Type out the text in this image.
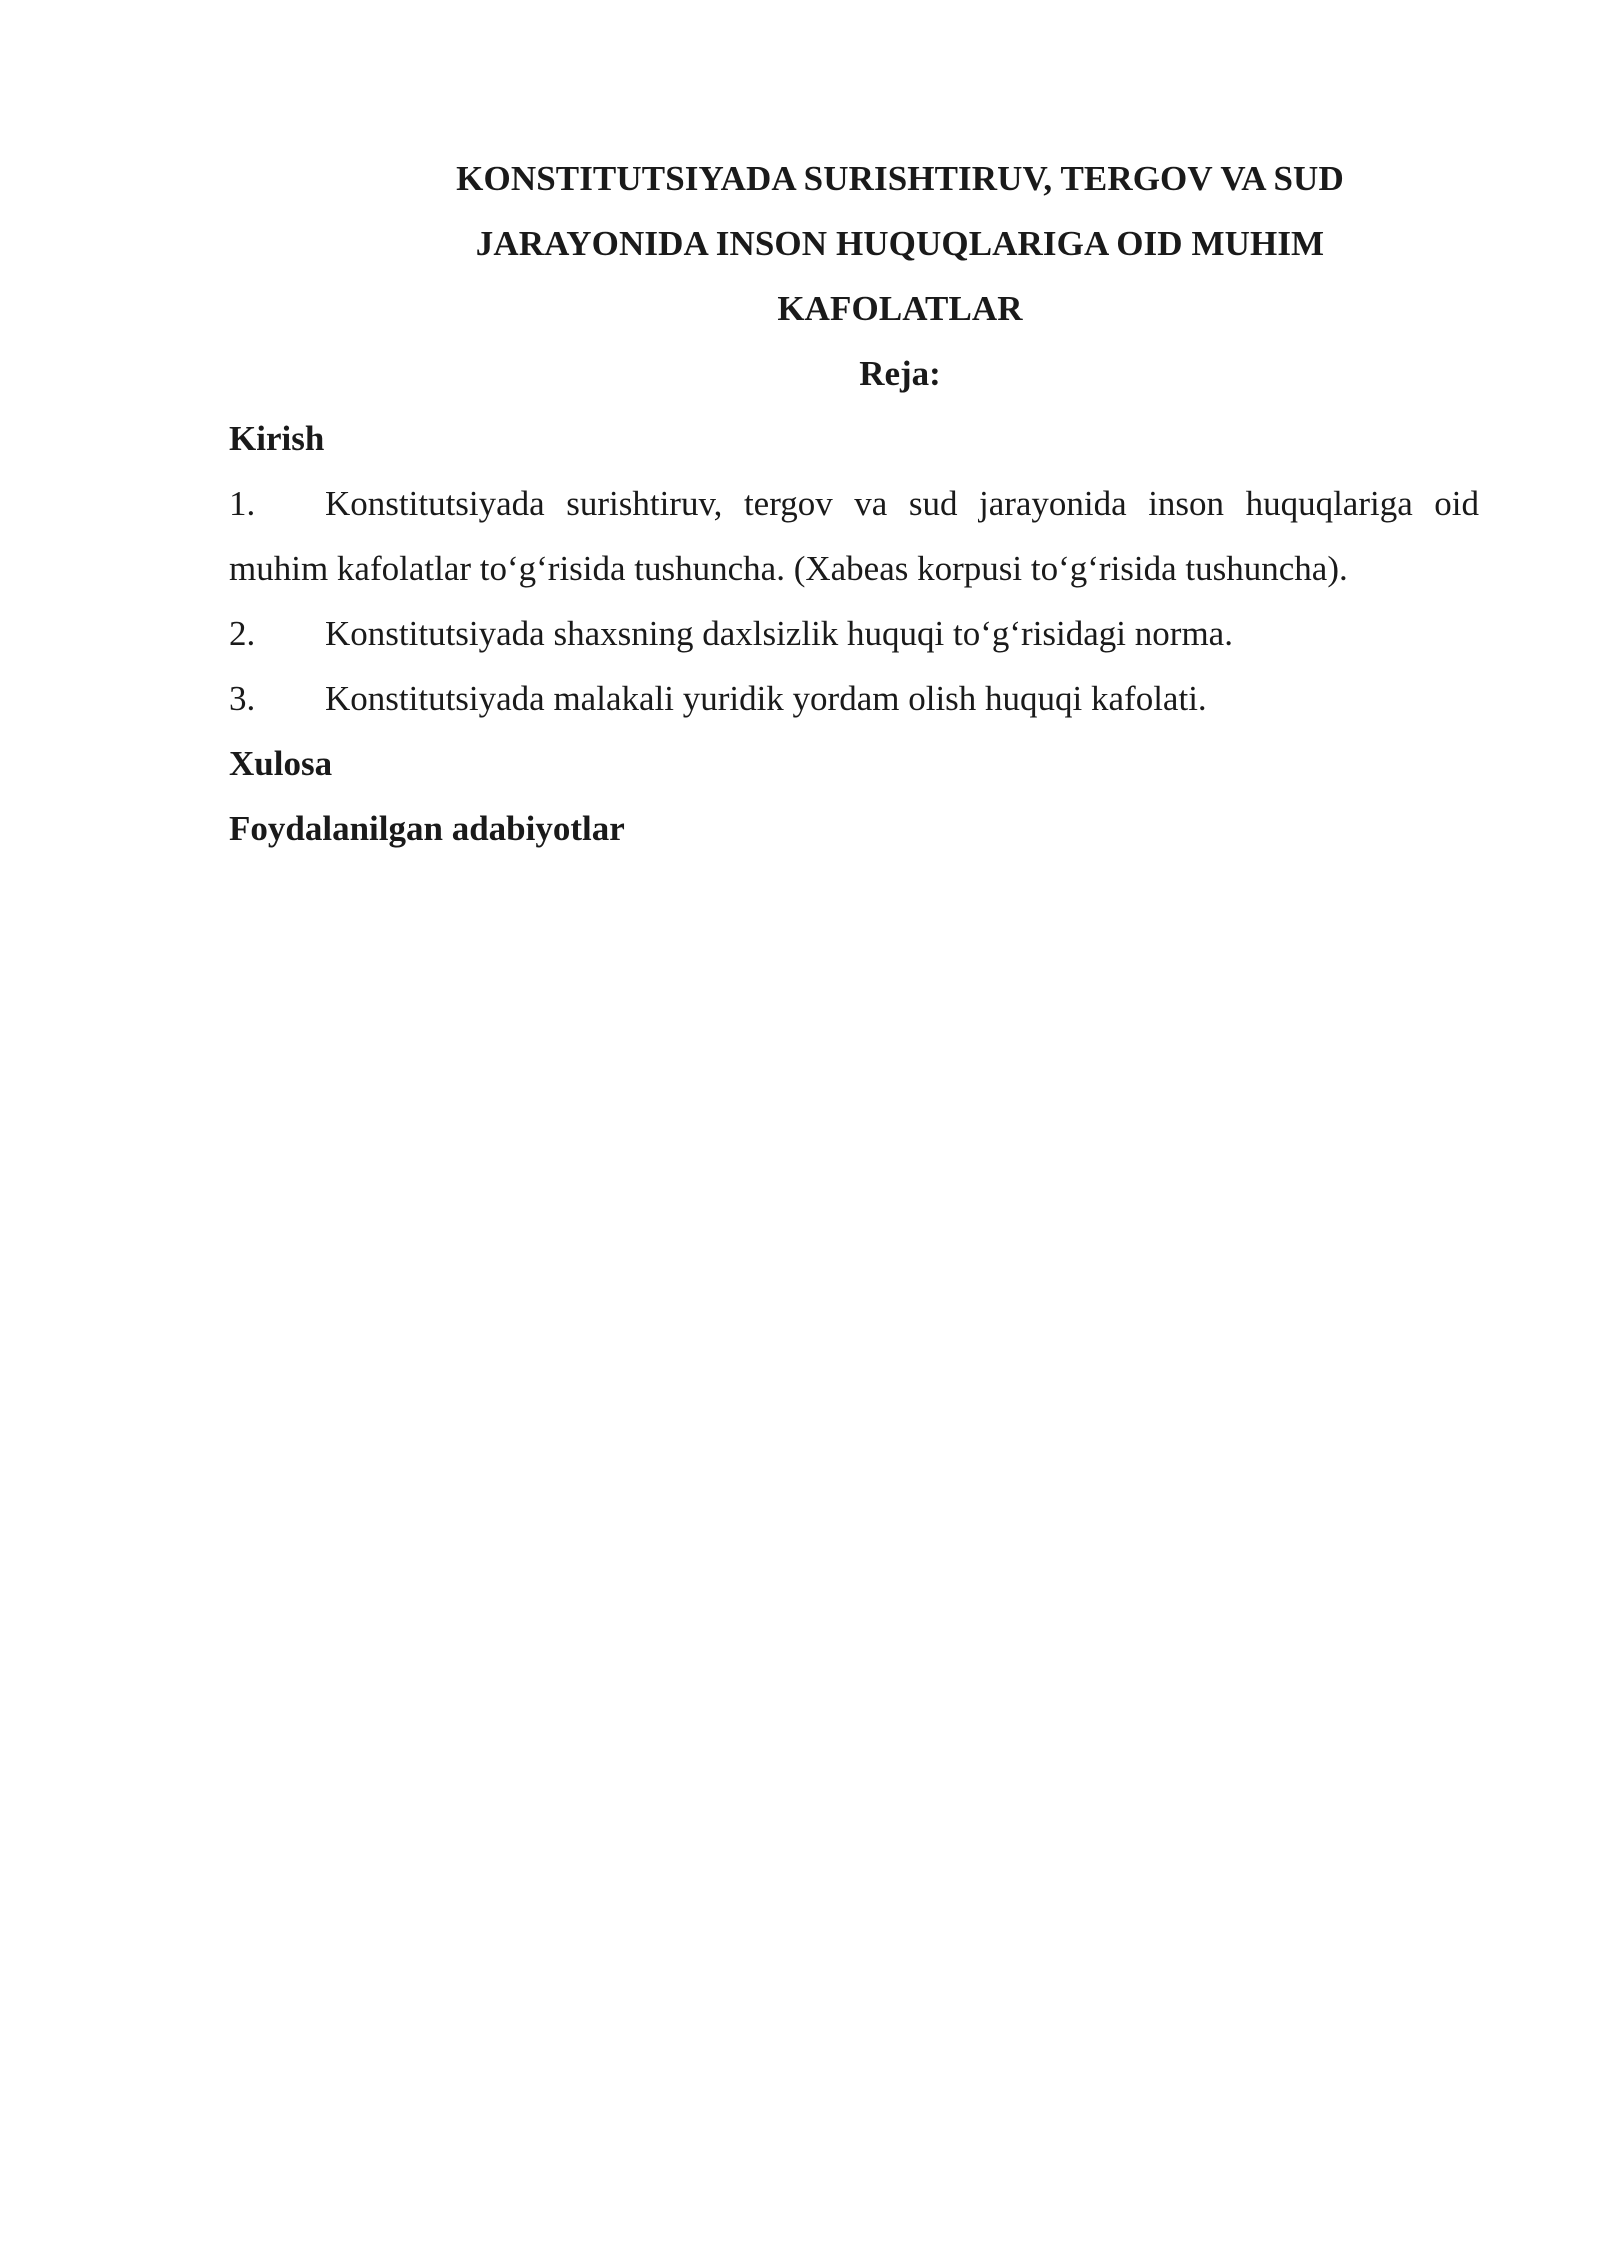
KONSTITUTSIYADA SURISHTIRUV, TERGOV VA SUD
JARAYONIDA INSON HUQUQLARIGA OID MUHIM
KAFOLATLAR
Reja:
Kirish
1. Konstitutsiyada surishtiruv, tergov va sud jarayonida inson huquqlariga oid muhim kafolatlar to‘g‘risida tushuncha. (Xabeas korpusi to‘g‘risida tushuncha).
2. Konstitutsiyada shaxsning daxlsizlik huquqi to‘g‘risidagi norma.
3. Konstitutsiyada malakali yuridik yordam olish huquqi kafolati.
Xulosa
Foydalanilgan adabiyotlar
